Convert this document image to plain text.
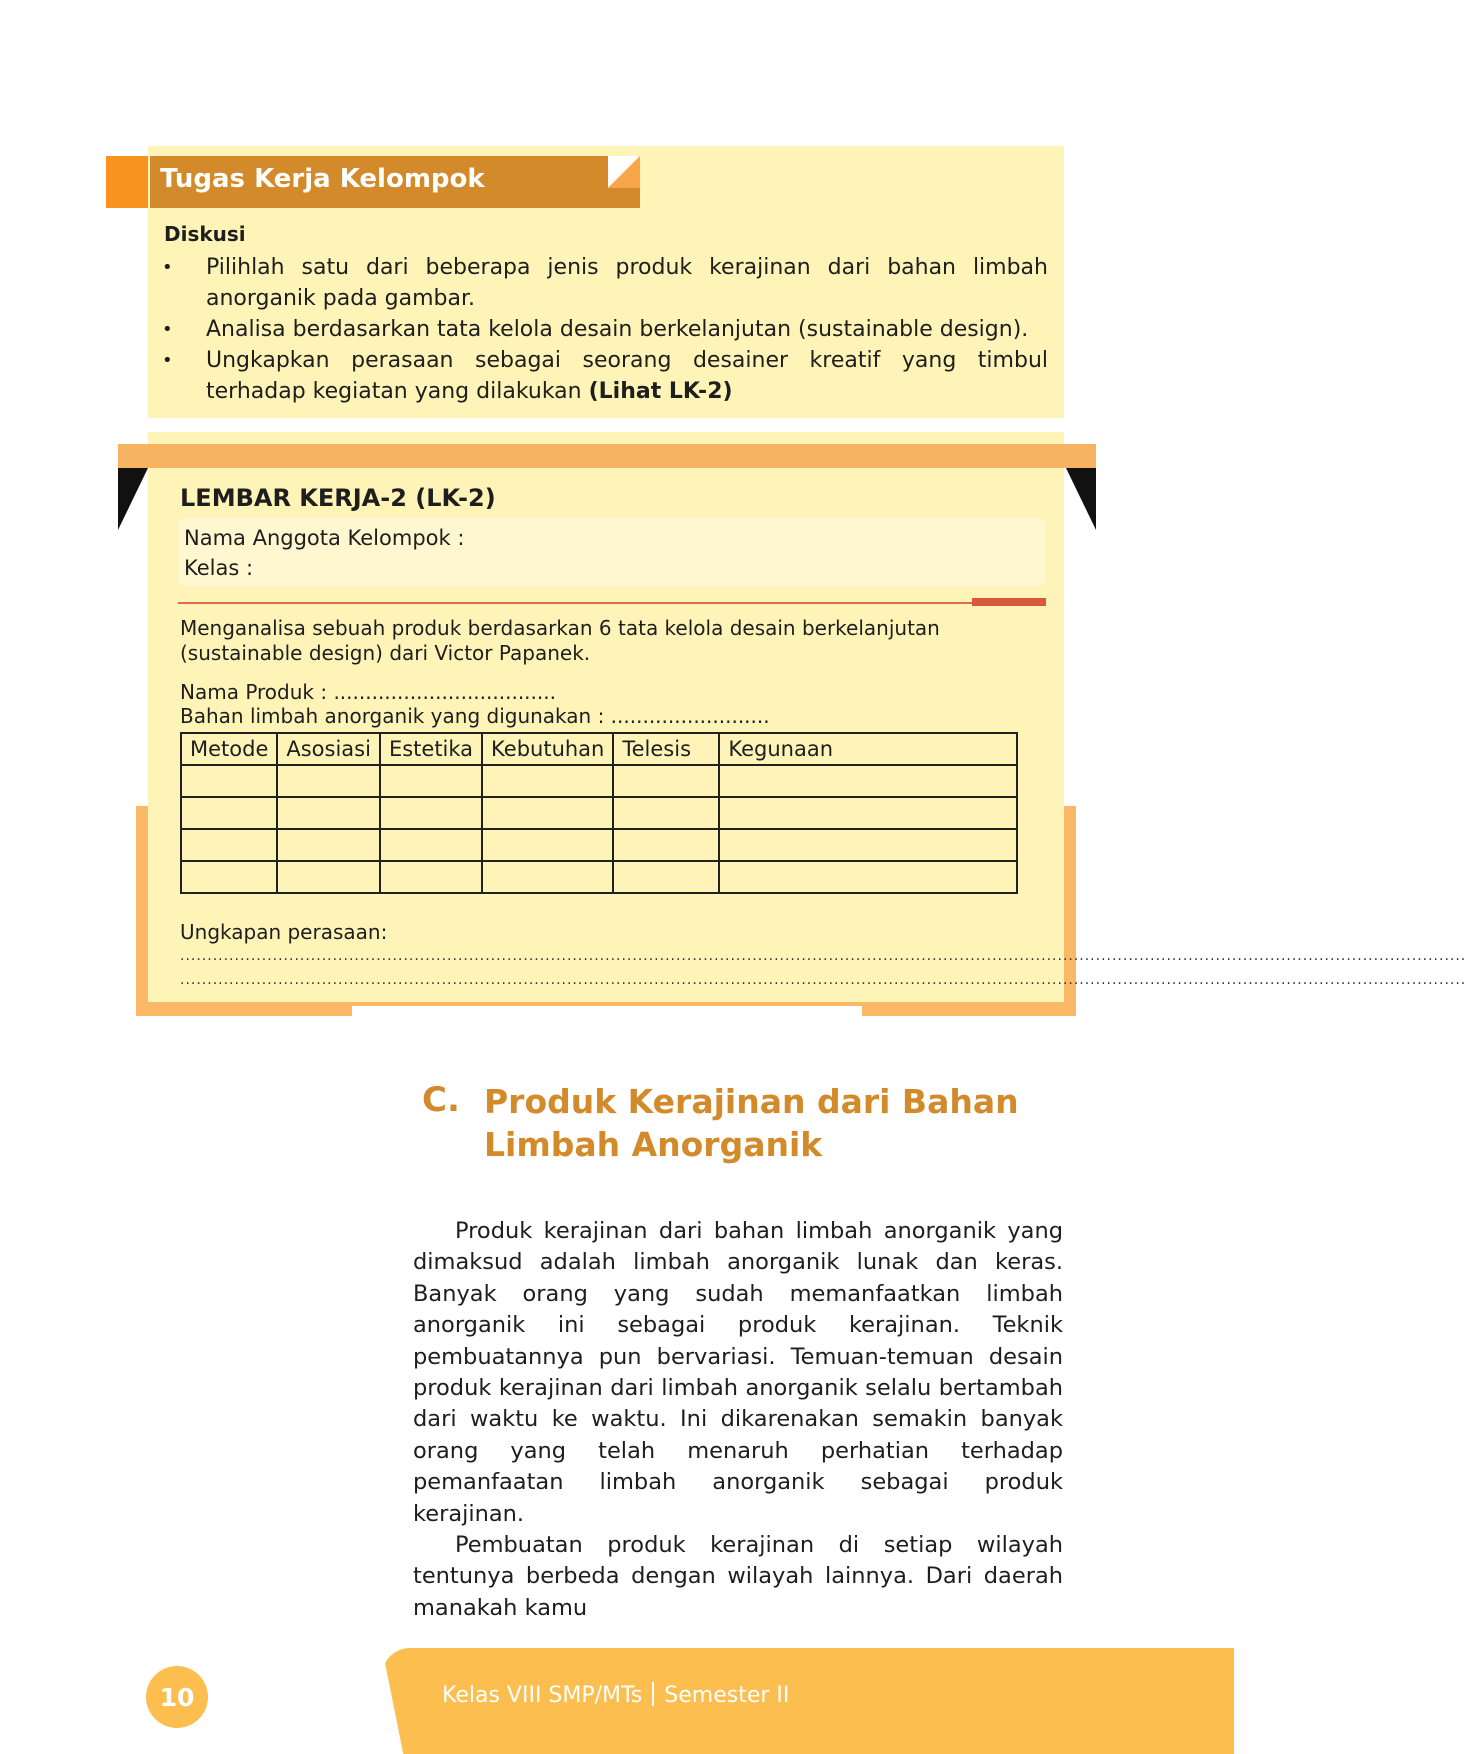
Tugas Kerja Kelompok
Diskusi
•	Pilihlah satu dari beberapa jenis produk kerajinan dari bahan limbah anorganik pada gambar.
•	Analisa berdasarkan tata kelola desain berkelanjutan (sustainable design).
•	Ungkapkan perasaan sebagai seorang desainer kreatif yang timbul terhadap kegiatan yang dilakukan (Lihat LK-2)
LEMBAR KERJA-2 (LK-2)
Nama Anggota Kelompok :
Kelas :
Menganalisa sebuah produk berdasarkan 6 tata kelola desain berkelanjutan (sustainable design) dari Victor Papanek.
Nama Produk : ...................................
Bahan limbah anorganik yang digunakan : .........................
Metode	Asosiasi	Estetika	Kebutuhan	Telesis	Kegunaan

Ungkapan perasaan:
............................................................................................................................................................................................................................................
............................................................................................................................................................................................................................................
C. Produk Kerajinan dari Bahan Limbah Anorganik

Produk kerajinan dari bahan limbah anorganik yang dimaksud adalah limbah anorganik lunak dan keras. Banyak orang yang sudah memanfaatkan limbah anorganik ini sebagai produk kerajinan. Teknik pembuatannya pun bervariasi. Temuan-temuan desain produk kerajinan dari limbah anorganik selalu bertambah dari waktu ke waktu. Ini dikarenakan semakin banyak orang yang telah menaruh perhatian terhadap pemanfaatan limbah anorganik sebagai produk kerajinan.

Pembuatan produk kerajinan di setiap wilayah tentunya berbeda dengan wilayah lainnya. Dari daerah manakah kamu

10	Kelas VIII SMP/MTs Semester II
